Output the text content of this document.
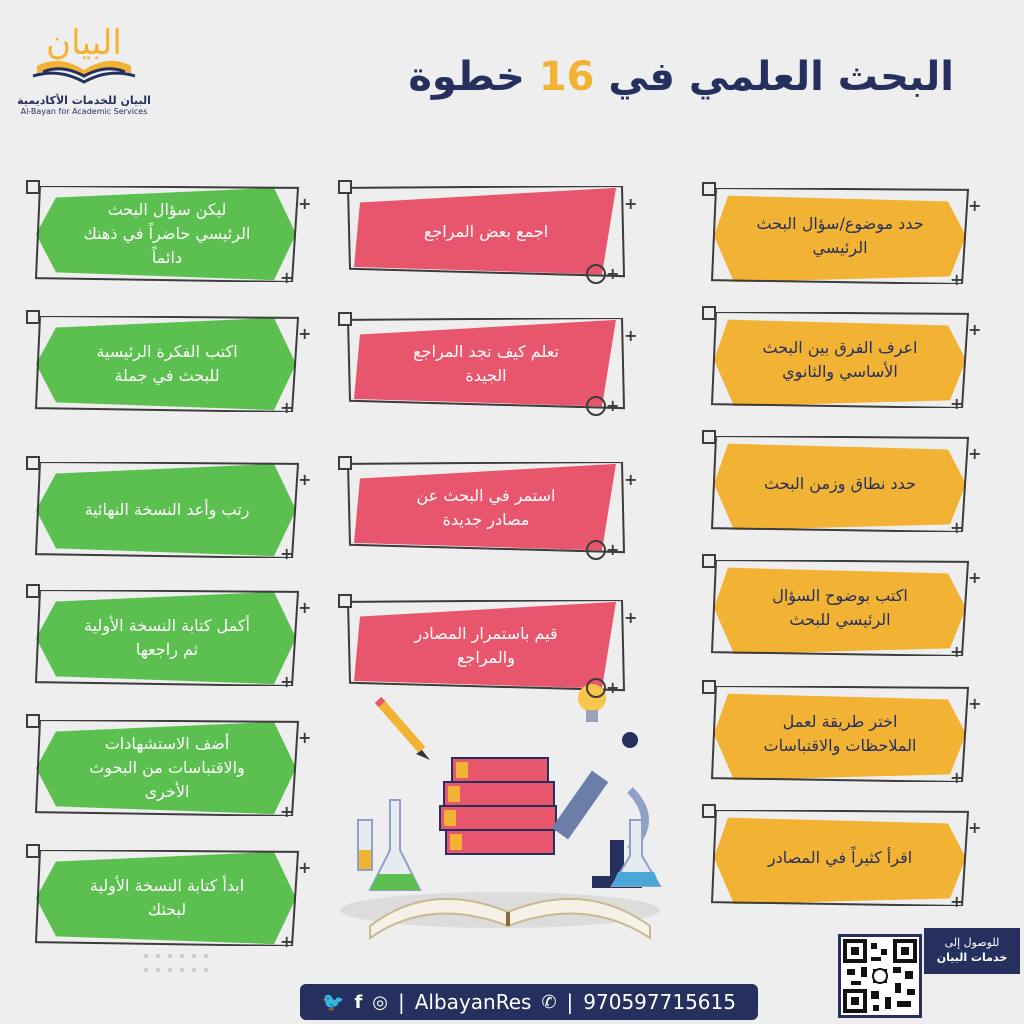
البيان
البيان للخدمات الأكاديمية
Al-Bayan for Academic Services
البحث العلمي في 16 خطوة
حدد موضوع/سؤال البحث
الرئيسي
+
+
اعرف الفرق بين البحث
الأساسي والثانوي
+
+
حدد نطاق وزمن البحث
+
+
اكتب بوضوح السؤال
الرئيسي للبحث
+
+
اختر طريقة لعمل
الملاحظات والاقتباسات
+
+
اقرأ كثيراً في المصادر
+
+
اجمع بعض المراجع
+
+
تعلم كيف تجد المراجع
الجيدة
+
+
استمر في البحث عن
مصادر جديدة
+
+
قيم باستمرار المصادر
والمراجع
+
+
ليكن سؤال البحث
الرئيسي حاضراً في ذهنك
دائماً
+
+
اكتب الفكرة الرئيسية
للبحث في جملة
+
+
رتب وأعد النسخة النهائية
+
+
أكمل كتابة النسخة الأولية
ثم راجعها
+
+
أضف الاستشهادات
والاقتباسات من البحوث
الأخرى
+
+
ابدأ كتابة النسخة الأولية
لبحثك
+
+	للوصول إلى
خدمات البيان
🐦 f ◎ | AlbayanRes ✆ | 970597715615
